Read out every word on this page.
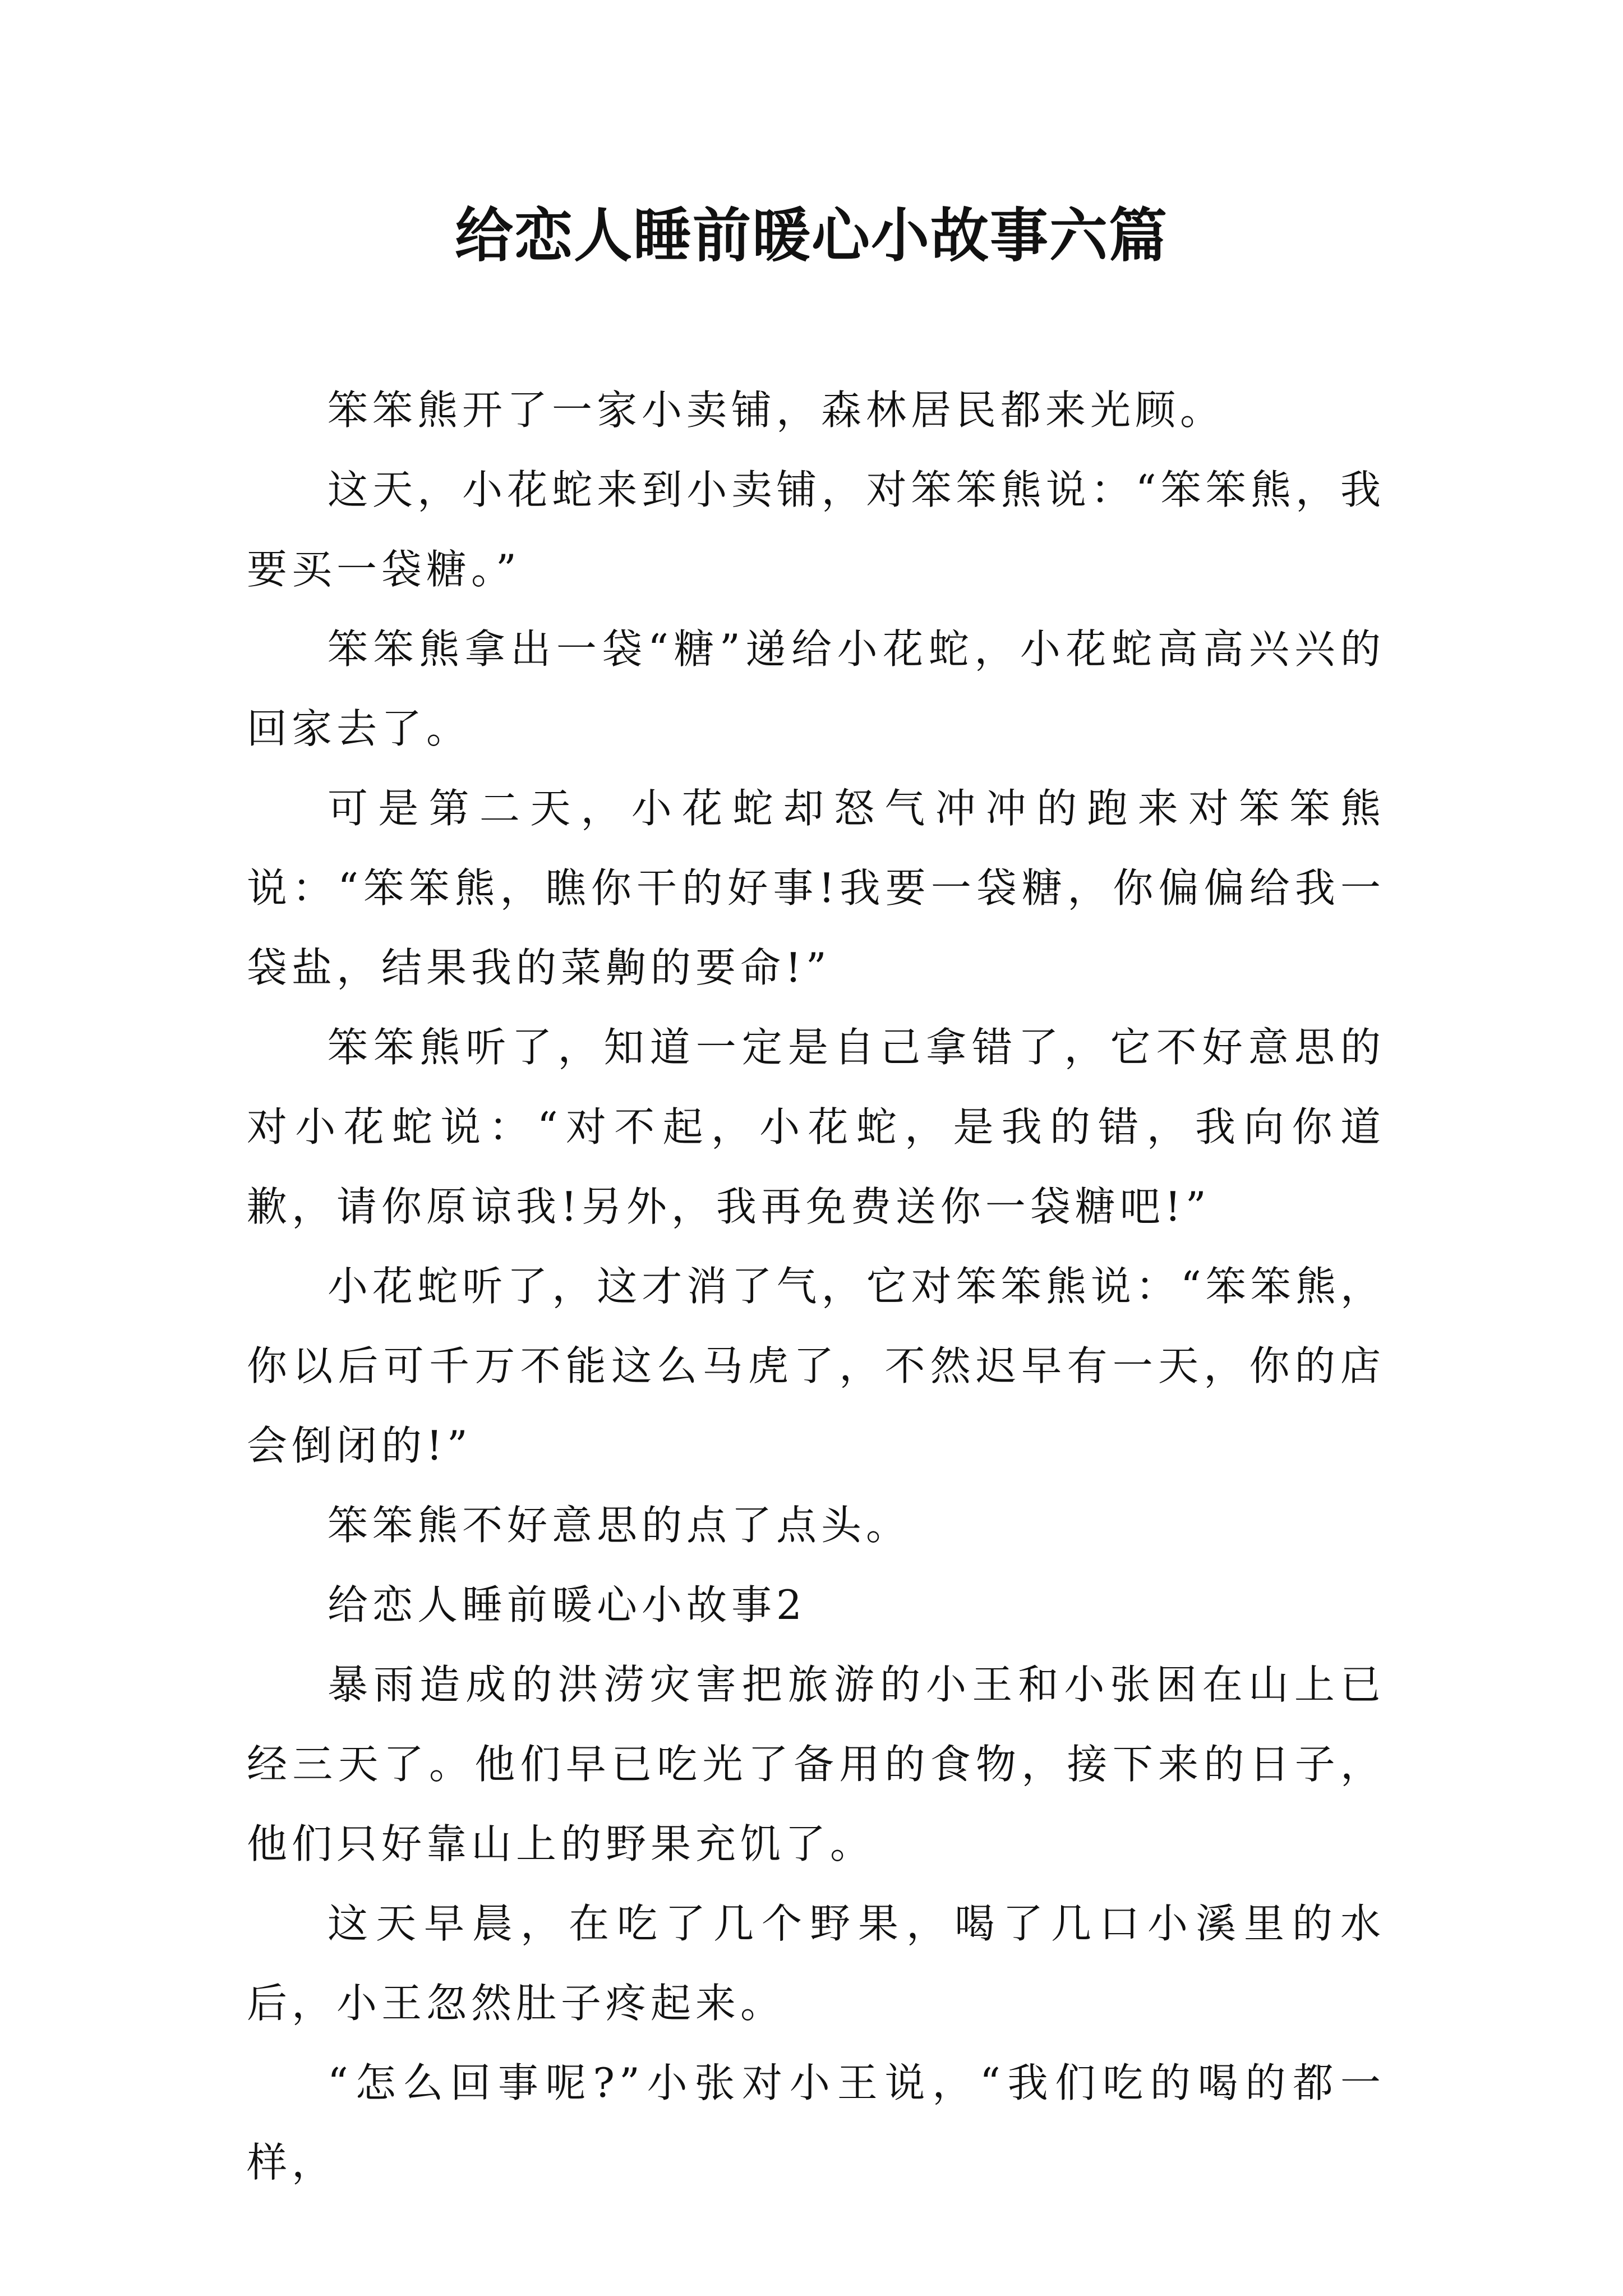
给恋人睡前暖心小故事六篇

笨笨熊开了一家小卖铺，森林居民都来光顾。

这天，小花蛇来到小卖铺，对笨笨熊说：“笨笨熊，我要买一袋糖。”

笨笨熊拿出一袋“糖”递给小花蛇，小花蛇高高兴兴的回家去了。

可是第二天，小花蛇却怒气冲冲的跑来对笨笨熊说：“笨笨熊，瞧你干的好事!我要一袋糖，你偏偏给我一袋盐，结果我的菜齁的要命!”

笨笨熊听了，知道一定是自己拿错了，它不好意思的对小花蛇说：“对不起，小花蛇，是我的错，我向你道歉，请你原谅我!另外，我再免费送你一袋糖吧!”

小花蛇听了，这才消了气，它对笨笨熊说：“笨笨熊，你以后可千万不能这么马虎了，不然迟早有一天，你的店会倒闭的!”

笨笨熊不好意思的点了点头。

给恋人睡前暖心小故事2

暴雨造成的洪涝灾害把旅游的小王和小张困在山上已经三天了。他们早已吃光了备用的食物，接下来的日子，他们只好靠山上的野果充饥了。

这天早晨，在吃了几个野果，喝了几口小溪里的水后，小王忽然肚子疼起来。

“怎么回事呢?”小张对小王说，“我们吃的喝的都一样，
